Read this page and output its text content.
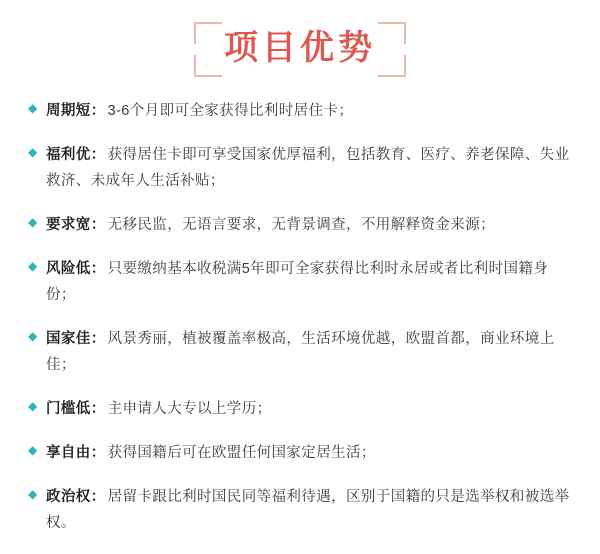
项目优势
◆ 周期短： 3-6个月即可全家获得比利时居住卡；
◆ 福利优： 获得居住卡即可享受国家优厚福利，包括教育、医疗、养老保障、失业救济、未成年人生活补贴；
◆ 要求宽： 无移民监，无语言要求，无背景调查，不用解释资金来源；
◆ 风险低： 只要缴纳基本收税满5年即可全家获得比利时永居或者比利时国籍身份；
◆ 国家佳： 风景秀丽，植被覆盖率极高，生活环境优越，欧盟首都，商业环境上佳；
◆ 门槛低： 主申请人大专以上学历；
◆ 享自由： 获得国籍后可在欧盟任何国家定居生活；
◆ 政治权： 居留卡跟比利时国民同等福利待遇，区别于国籍的只是选举权和被选举权。
